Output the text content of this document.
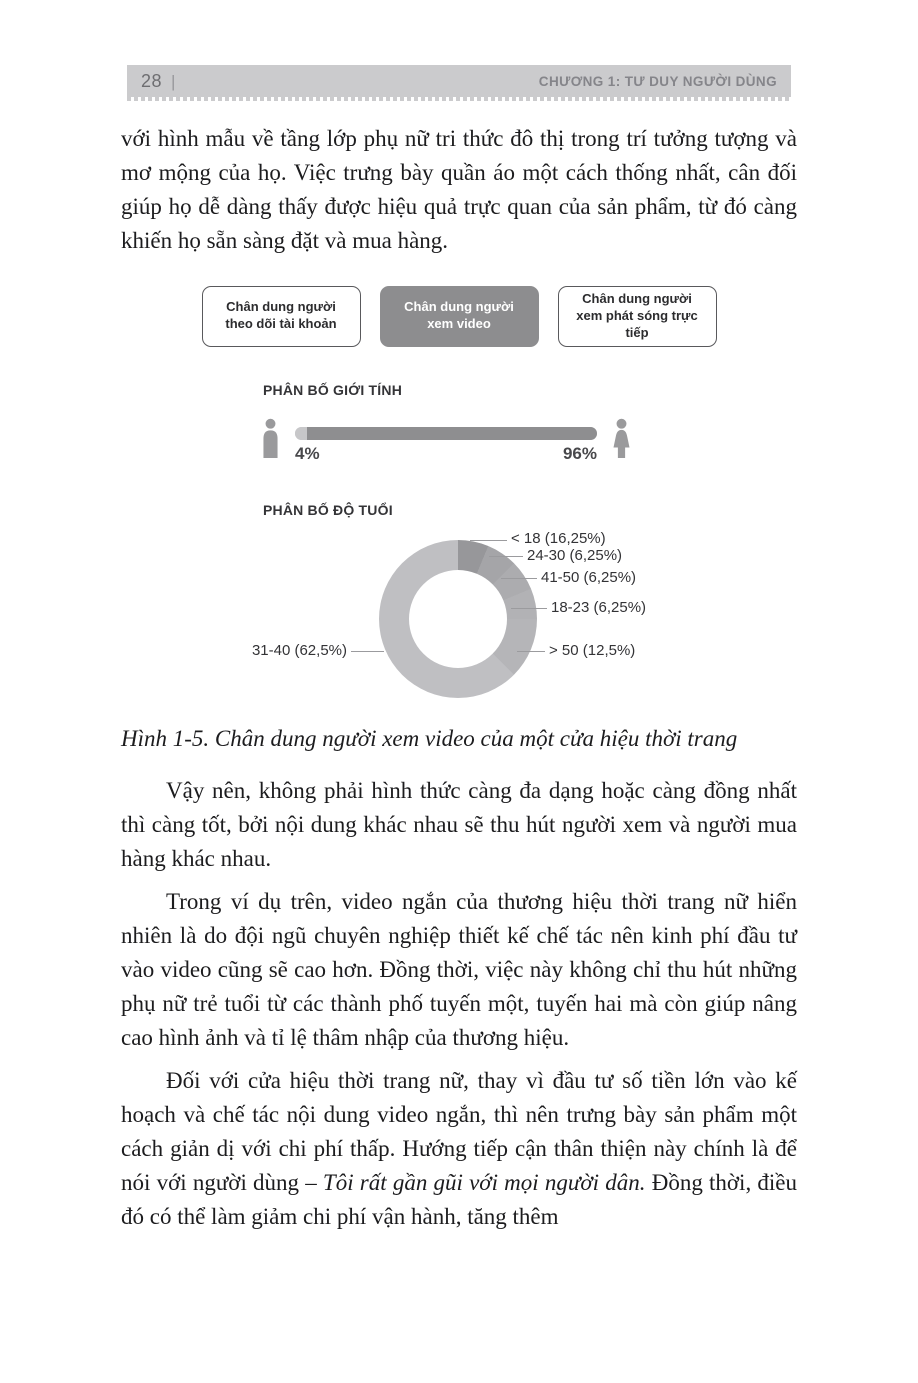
28 |	CHƯƠNG 1: TƯ DUY NGƯỜI DÙNG

với hình mẫu về tầng lớp phụ nữ tri thức đô thị trong trí tưởng tượng và mơ mộng của họ. Việc trưng bày quần áo một cách thống nhất, cân đối giúp họ dễ dàng thấy được hiệu quả trực quan của sản phẩm, từ đó càng khiến họ sẵn sàng đặt và mua hàng.

Chân dung người theo dõi tài khoản
Chân dung người xem video
Chân dung người xem phát sóng trực tiếp
PHÂN BỐ GIỚI TÍNH
4%	96%
PHÂN BỐ ĐỘ TUỔI
< 18 (16,25%)
24-30 (6,25%)
41-50 (6,25%)
18-23 (6,25%)
> 50 (12,5%)
31-40 (62,5%)

Hình 1-5. Chân dung người xem video của một cửa hiệu thời trang

Vậy nên, không phải hình thức càng đa dạng hoặc càng đồng nhất thì càng tốt, bởi nội dung khác nhau sẽ thu hút người xem và người mua hàng khác nhau.

Trong ví dụ trên, video ngắn của thương hiệu thời trang nữ hiển nhiên là do đội ngũ chuyên nghiệp thiết kế chế tác nên kinh phí đầu tư vào video cũng sẽ cao hơn. Đồng thời, việc này không chỉ thu hút những phụ nữ trẻ tuổi từ các thành phố tuyến một, tuyến hai mà còn giúp nâng cao hình ảnh và tỉ lệ thâm nhập của thương hiệu.

Đối với cửa hiệu thời trang nữ, thay vì đầu tư số tiền lớn vào kế hoạch và chế tác nội dung video ngắn, thì nên trưng bày sản phẩm một cách giản dị với chi phí thấp. Hướng tiếp cận thân thiện này chính là để nói với người dùng – Tôi rất gần gũi với mọi người dân. Đồng thời, điều đó có thể làm giảm chi phí vận hành, tăng thêm
